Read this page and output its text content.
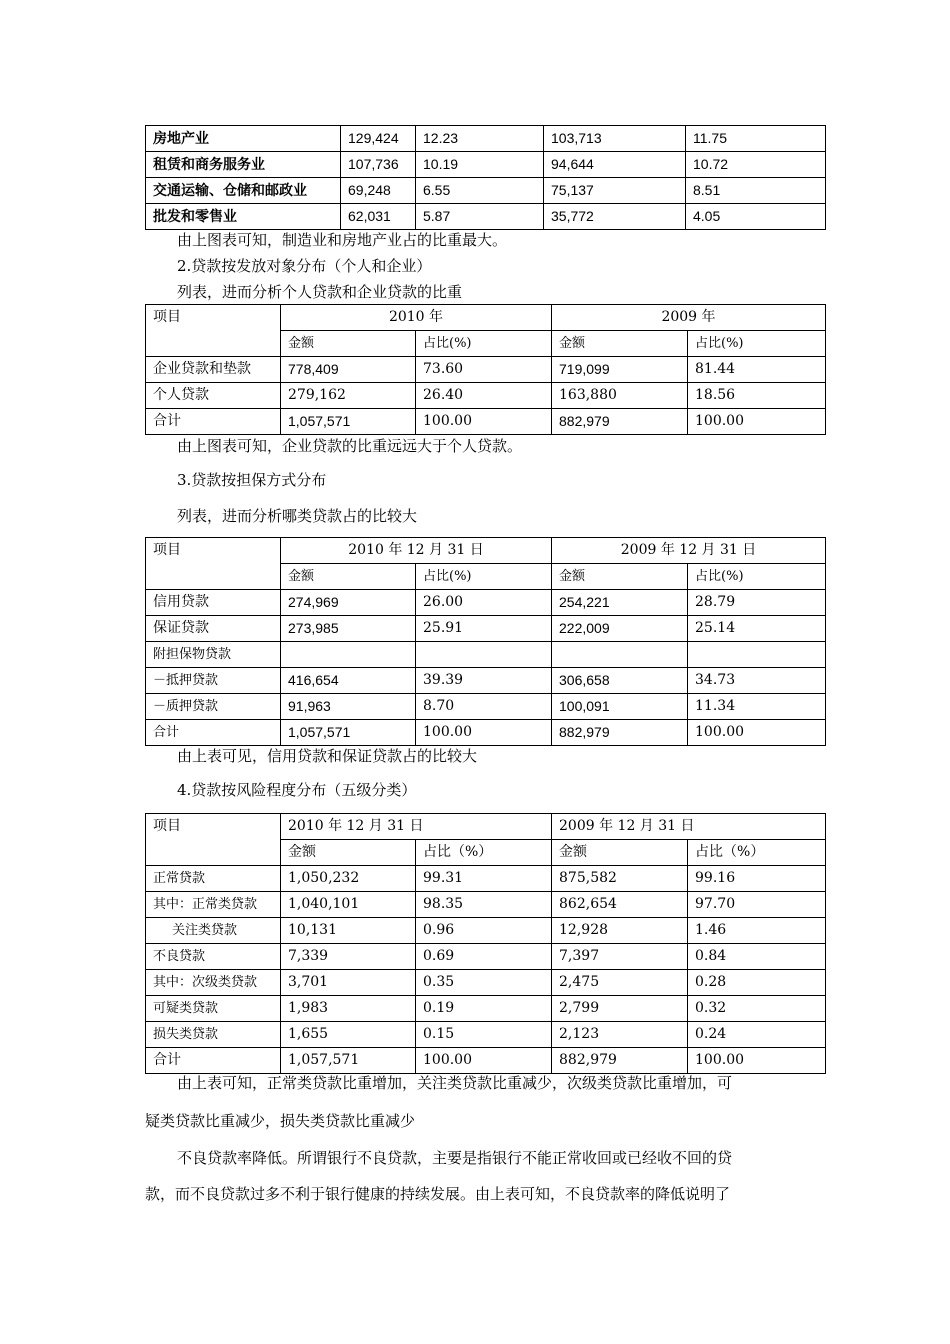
房地产业	129,424	12.23	103,713	11.75
租赁和商务服务业	107,736	10.19	94,644	10.72
交通运输、仓储和邮政业	69,248	6.55	75,137	8.51
批发和零售业	62,031	5.87	35,772	4.05
由上图表可知，制造业和房地产业占的比重最大。
2.贷款按发放对象分布（个人和企业）
列表，进而分析个人贷款和企业贷款的比重
项目	2010 年		2009 年	
	金额	占比(%)	金额	占比(%)
企业贷款和垫款	778,409	73.60	719,099	81.44
个人贷款	279,162	26.40	163,880	18.56
合计	1,057,571	100.00	882,979	100.00
由上图表可知，企业贷款的比重远远大于个人贷款。
3.贷款按担保方式分布
列表，进而分析哪类贷款占的比较大
项目	2010 年 12 月 31 日		2009 年 12 月 31 日	
	金额	占比(%)	金额	占比(%)
信用贷款	274,969	26.00	254,221	28.79
保证贷款	273,985	25.91	222,009	25.14
附担保物贷款				
－抵押贷款	416,654	39.39	306,658	34.73
－质押贷款	91,963	8.70	100,091	11.34
合计	1,057,571	100.00	882,979	100.00
由上表可见，信用贷款和保证贷款占的比较大
4.贷款按风险程度分布（五级分类）
项目	2010 年 12 月 31 日		2009 年 12 月 31 日	
	金额	占比（%）	金额	占比（%）
正常贷款	1,050,232	99.31	875,582	99.16
其中：正常类贷款	1,040,101	98.35	862,654	97.70
关注类贷款	10,131	0.96	12,928	1.46
不良贷款	7,339	0.69	7,397	0.84
其中：次级类贷款	3,701	0.35	2,475	0.28
可疑类贷款	1,983	0.19	2,799	0.32
损失类贷款	1,655	0.15	2,123	0.24
合计	1,057,571	100.00	882,979	100.00
由上表可知，正常类贷款比重增加，关注类贷款比重减少，次级类贷款比重增加，可
疑类贷款比重减少，损失类贷款比重减少
不良贷款率降低。所谓银行不良贷款，主要是指银行不能正常收回或已经收不回的贷
款，而不良贷款过多不利于银行健康的持续发展。由上表可知，不良贷款率的降低说明了
